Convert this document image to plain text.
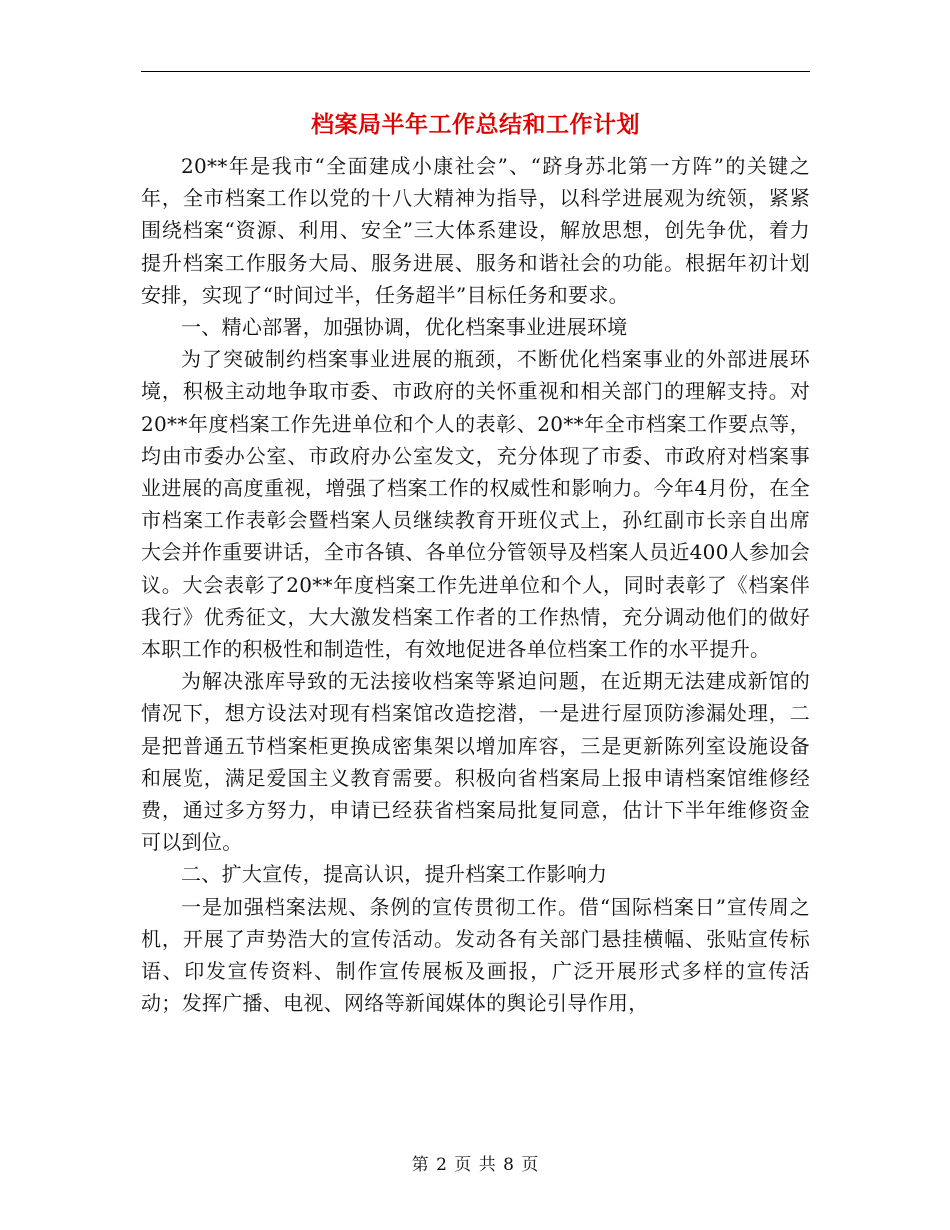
档案局半年工作总结和工作计划

20**年是我市“全面建成小康社会”、“跻身苏北第一方阵”的关键之年，全市档案工作以党的十八大精神为指导，以科学进展观为统领，紧紧围绕档案“资源、利用、安全”三大体系建设，解放思想，创先争优，着力提升档案工作服务大局、服务进展、服务和谐社会的功能。根据年初计划安排，实现了“时间过半，任务超半”目标任务和要求。

一、精心部署，加强协调，优化档案事业进展环境

为了突破制约档案事业进展的瓶颈，不断优化档案事业的外部进展环境，积极主动地争取市委、市政府的关怀重视和相关部门的理解支持。对20**年度档案工作先进单位和个人的表彰、20**年全市档案工作要点等，均由市委办公室、市政府办公室发文，充分体现了市委、市政府对档案事业进展的高度重视，增强了档案工作的权威性和影响力。今年4月份，在全市档案工作表彰会暨档案人员继续教育开班仪式上，孙红副市长亲自出席大会并作重要讲话，全市各镇、各单位分管领导及档案人员近400人参加会议。大会表彰了20**年度档案工作先进单位和个人，同时表彰了《档案伴我行》优秀征文，大大激发档案工作者的工作热情，充分调动他们的做好本职工作的积极性和制造性，有效地促进各单位档案工作的水平提升。

为解决涨库导致的无法接收档案等紧迫问题，在近期无法建成新馆的情况下，想方设法对现有档案馆改造挖潜，一是进行屋顶防渗漏处理，二是把普通五节档案柜更换成密集架以增加库容，三是更新陈列室设施设备和展览，满足爱国主义教育需要。积极向省档案局上报申请档案馆维修经费，通过多方努力，申请已经获省档案局批复同意，估计下半年维修资金可以到位。

二、扩大宣传，提高认识，提升档案工作影响力

一是加强档案法规、条例的宣传贯彻工作。借“国际档案日”宣传周之机，开展了声势浩大的宣传活动。发动各有关部门悬挂横幅、张贴宣传标语、印发宣传资料、制作宣传展板及画报，广泛开展形式多样的宣传活动；发挥广播、电视、网络等新闻媒体的舆论引导作用，

第 2 页 共 8 页
